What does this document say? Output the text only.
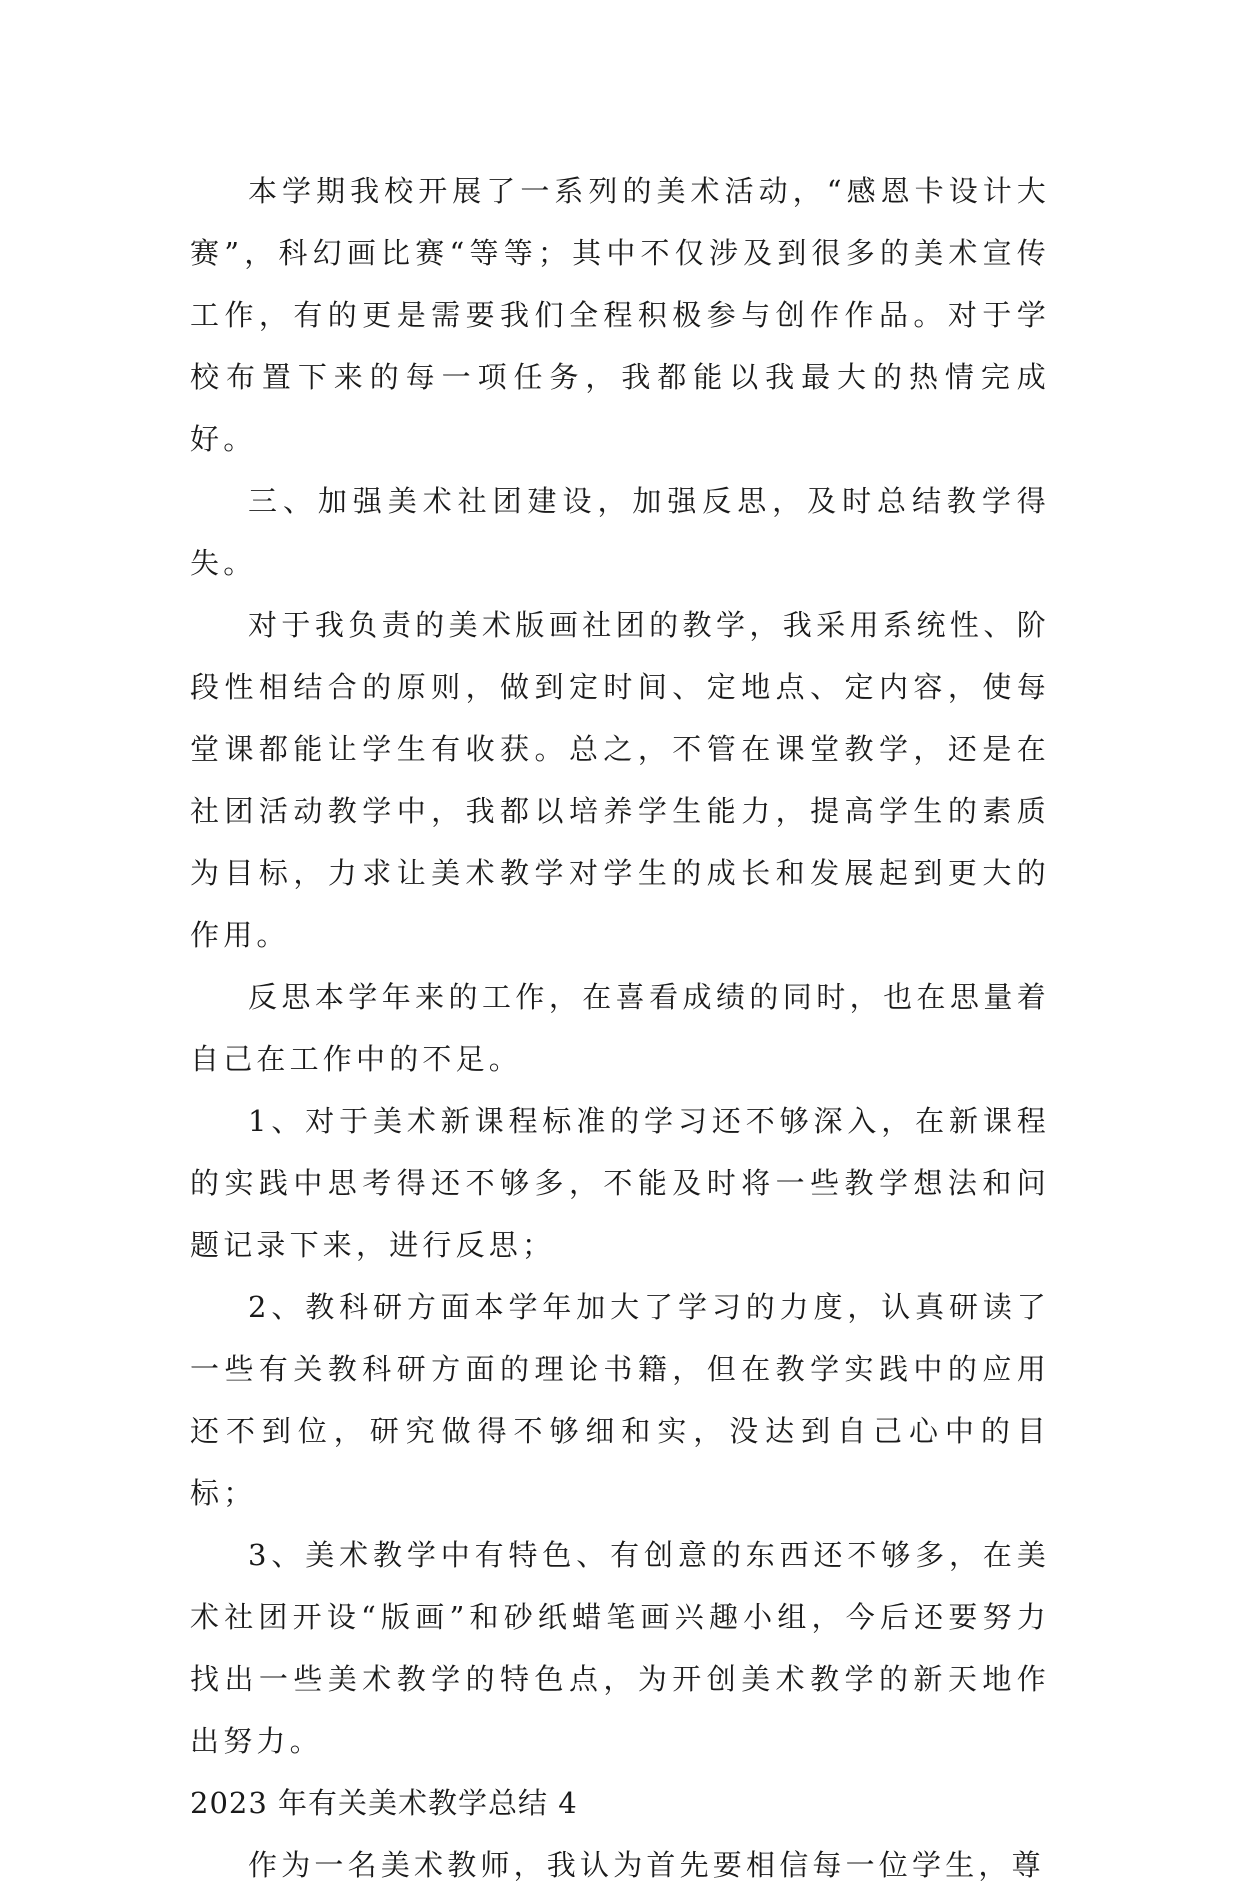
本学期我校开展了一系列的美术活动，“感恩卡设计大赛”，科幻画比赛“等等；其中不仅涉及到很多的美术宣传工作，有的更是需要我们全程积极参与创作作品。对于学校布置下来的每一项任务，我都能以我最大的热情完成好。

三、加强美术社团建设，加强反思，及时总结教学得失。

对于我负责的美术版画社团的教学，我采用系统性、阶段性相结合的原则，做到定时间、定地点、定内容，使每堂课都能让学生有收获。总之，不管在课堂教学，还是在社团活动教学中，我都以培养学生能力，提高学生的素质为目标，力求让美术教学对学生的成长和发展起到更大的作用。

反思本学年来的工作，在喜看成绩的同时，也在思量着自己在工作中的不足。

1、对于美术新课程标准的学习还不够深入，在新课程的实践中思考得还不够多，不能及时将一些教学想法和问题记录下来，进行反思；

2、教科研方面本学年加大了学习的力度，认真研读了一些有关教科研方面的理论书籍，但在教学实践中的应用还不到位，研究做得不够细和实，没达到自己心中的目标；

3、美术教学中有特色、有创意的东西还不够多，在美术社团开设“版画”和砂纸蜡笔画兴趣小组，今后还要努力找出一些美术教学的特色点，为开创美术教学的新天地作出努力。

2023 年有关美术教学总结 4

作为一名美术教师，我认为首先要相信每一位学生，尊
